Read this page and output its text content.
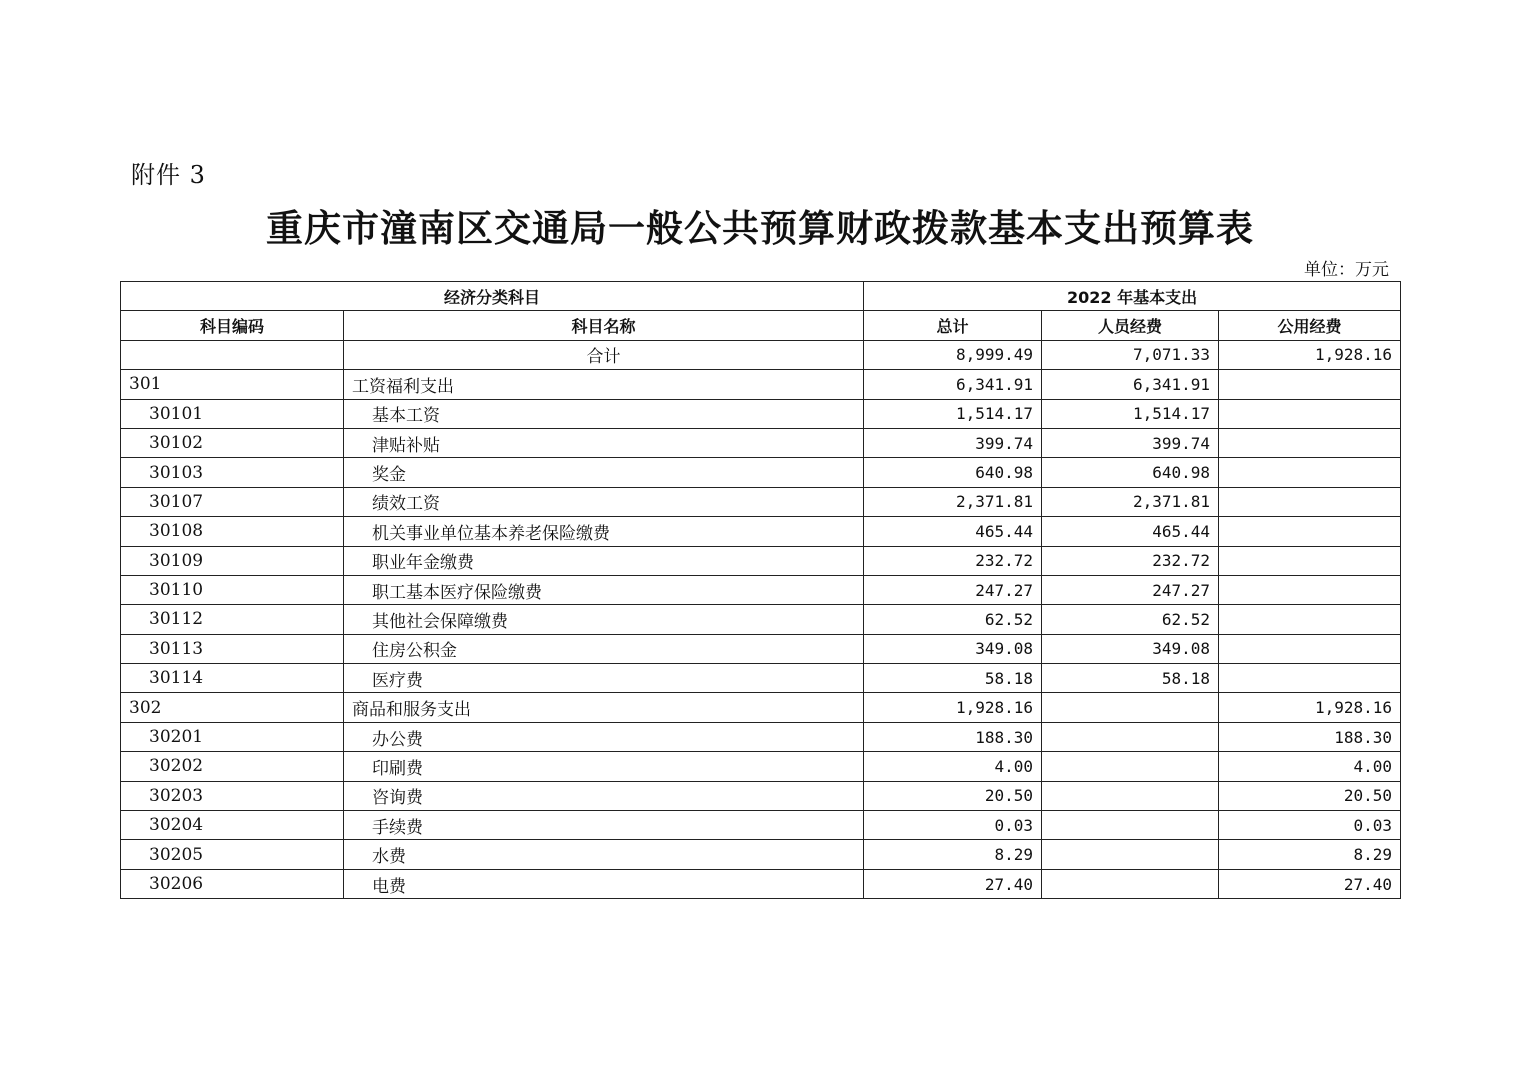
附件 3
重庆市潼南区交通局一般公共预算财政拨款基本支出预算表
单位：万元
经济分类科目		2022 年基本支出		
科目编码	科目名称	总计	人员经费	公用经费
	合计	8,999.49	7,071.33	1,928.16
301	工资福利支出	6,341.91	6,341.91	
30101	基本工资	1,514.17	1,514.17	
30102	津贴补贴	399.74	399.74	
30103	奖金	640.98	640.98	
30107	绩效工资	2,371.81	2,371.81	
30108	机关事业单位基本养老保险缴费	465.44	465.44	
30109	职业年金缴费	232.72	232.72	
30110	职工基本医疗保险缴费	247.27	247.27	
30112	其他社会保障缴费	62.52	62.52	
30113	住房公积金	349.08	349.08	
30114	医疗费	58.18	58.18	
302	商品和服务支出	1,928.16		1,928.16
30201	办公费	188.30		188.30
30202	印刷费	4.00		4.00
30203	咨询费	20.50		20.50
30204	手续费	0.03		0.03
30205	水费	8.29		8.29
30206	电费	27.40		27.40
